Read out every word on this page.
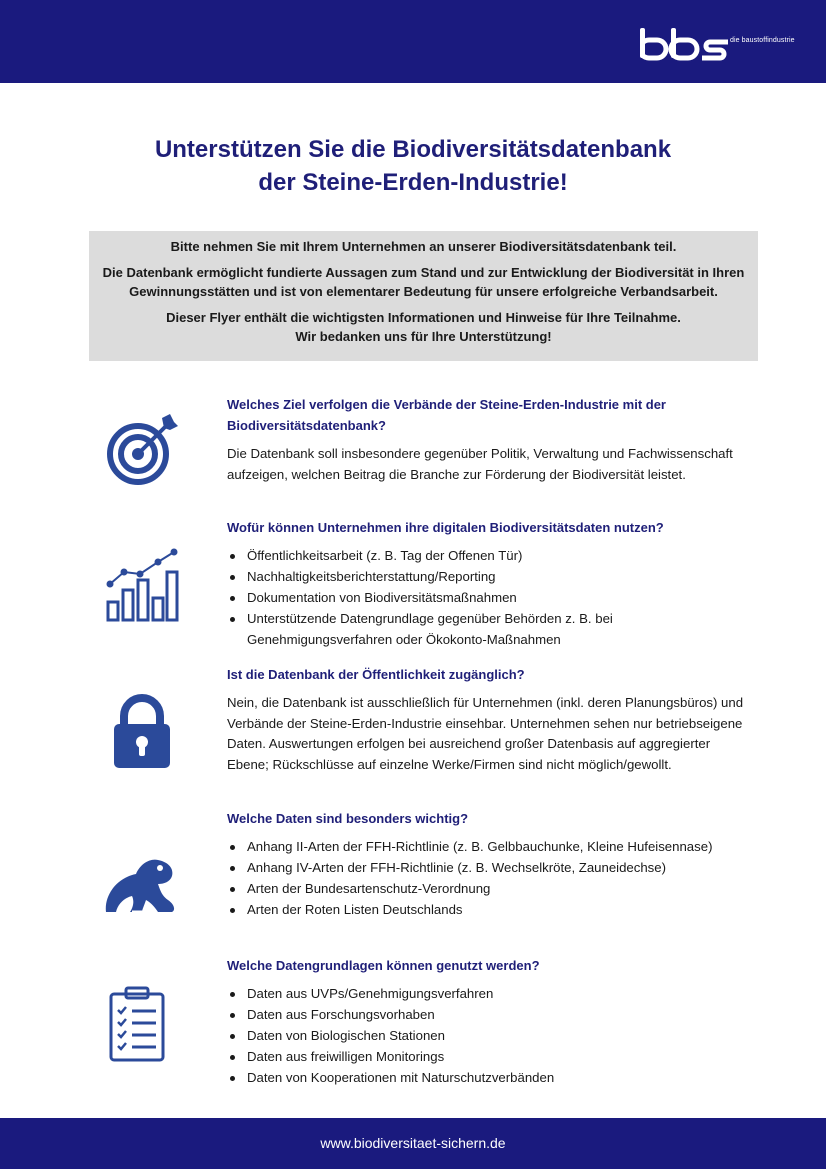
die baustoffindustrie
Unterstützen Sie die Biodiversitätsdatenbank
der Steine-Erden-Industrie!

Bitte nehmen Sie mit Ihrem Unternehmen an unserer Biodiversitätsdatenbank teil.

Die Datenbank ermöglicht fundierte Aussagen zum Stand und zur Entwicklung der Biodiversität in Ihren Gewinnungsstätten und ist von elementarer Bedeutung für unsere erfolgreiche Verbandsarbeit.

Dieser Flyer enthält die wichtigsten Informationen und Hinweise für Ihre Teilnahme.
Wir bedanken uns für Ihre Unterstützung!

Welches Ziel verfolgen die Verbände der Steine-Erden-Industrie mit der Biodiversitätsdatenbank?

Die Datenbank soll insbesondere gegenüber Politik, Verwaltung und Fachwissenschaft aufzeigen, welchen Beitrag die Branche zur Förderung der Biodiversität leistet.

Wofür können Unternehmen ihre digitalen Biodiversitätsdaten nutzen?
Öffentlichkeitsarbeit (z. B. Tag der Offenen Tür)
Nachhaltigkeitsberichterstattung/Reporting
Dokumentation von Biodiversitätsmaßnahmen
Unterstützende Datengrundlage gegenüber Behörden z. B. bei Genehmigungsverfahren oder Ökokonto-Maßnahmen
Ist die Datenbank der Öffentlichkeit zugänglich?

Nein, die Datenbank ist ausschließlich für Unternehmen (inkl. deren Planungsbüros) und Verbände der Steine-Erden-Industrie einsehbar. Unternehmen sehen nur betriebseigene Daten. Auswertungen erfolgen bei ausreichend großer Datenbasis auf aggregierter Ebene; Rückschlüsse auf einzelne Werke/Firmen sind nicht möglich/gewollt.

Welche Daten sind besonders wichtig?
Anhang II-Arten der FFH-Richtlinie (z. B. Gelbbauchunke, Kleine Hufeisennase)
Anhang IV-Arten der FFH-Richtlinie (z. B. Wechselkröte, Zauneidechse)
Arten der Bundesartenschutz-Verordnung
Arten der Roten Listen Deutschlands
Welche Datengrundlagen können genutzt werden?
Daten aus UVPs/Genehmigungsverfahren
Daten aus Forschungsvorhaben
Daten von Biologischen Stationen
Daten aus freiwilligen Monitorings
Daten von Kooperationen mit Naturschutzverbänden
www.biodiversitaet-sichern.de
